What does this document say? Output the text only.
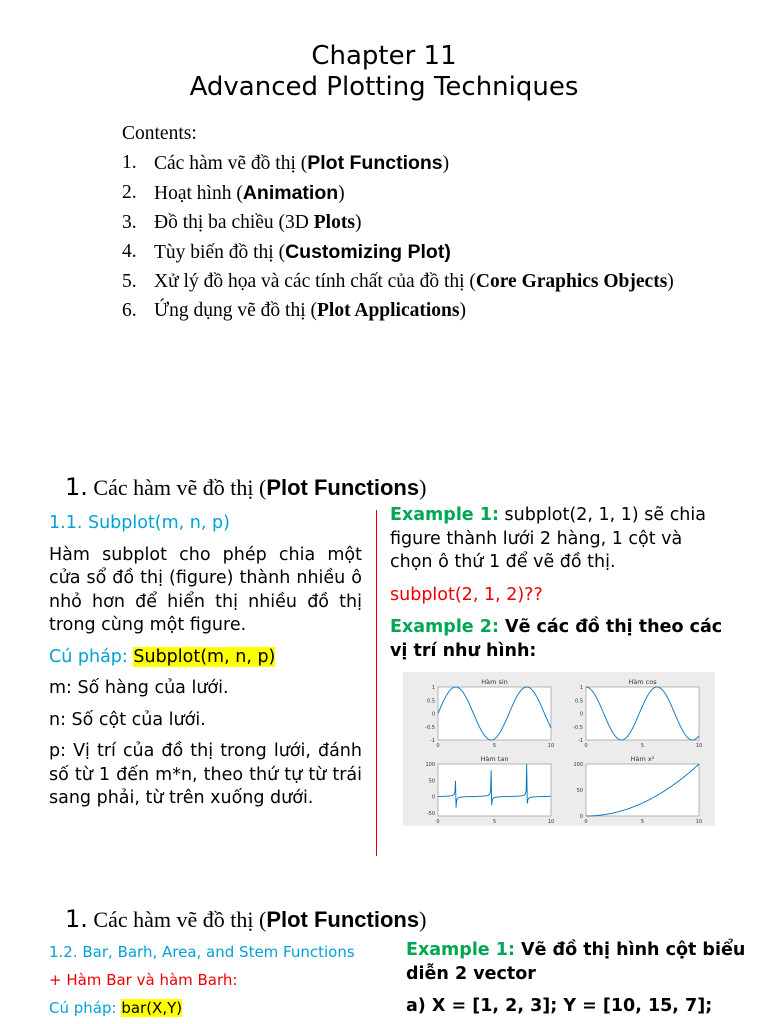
Chapter 11
Advanced Plotting Techniques
Contents:
1. Các hàm vẽ đồ thị (Plot Functions)
2. Hoạt hình (Animation)
3. Đồ thị ba chiều (3D Plots)
4. Tùy biến đồ thị (Customizing Plot)
5. Xử lý đồ họa và các tính chất của đồ thị (Core Graphics Objects)
6. Ứng dụng vẽ đồ thị (Plot Applications)
1. Các hàm vẽ đồ thị (Plot Functions)

1.1. Subplot(m, n, p)

Hàm subplot cho phép chia một cửa sổ đồ thị (figure) thành nhiều ô nhỏ hơn để hiển thị nhiều đồ thị trong cùng một figure.

Cú pháp: Subplot(m, n, p)

m: Số hàng của lưới.

n: Số cột của lưới.

p: Vị trí của đồ thị trong lưới, đánh số từ 1 đến m*n, theo thứ tự từ trái sang phải, từ trên xuống dưới.

Example 1: subplot(2, 1, 1) sẽ chia figure thành lưới 2 hàng, 1 cột và chọn ô thứ 1 để vẽ đồ thị.

subplot(2, 1, 2)??

Example 2: Vẽ các đồ thị theo các vị trí như hình:

Hàm sin
1
0.5
0
-0.5
-1
0	5	10
Hàm cos
1
0.5
0
-0.5
-1
0	5	10
Hàm tan
100
50
0
-50
0	5	10
Hàm x²
100
50
0
0	5	10
1. Các hàm vẽ đồ thị (Plot Functions)

1.2. Bar, Barh, Area, and Stem Functions

+ Hàm Bar và hàm Barh:

Cú pháp: bar(X,Y)

Example 1: Vẽ đồ thị hình cột biểu diễn 2 vector

a) X = [1, 2, 3]; Y = [10, 15, 7];
